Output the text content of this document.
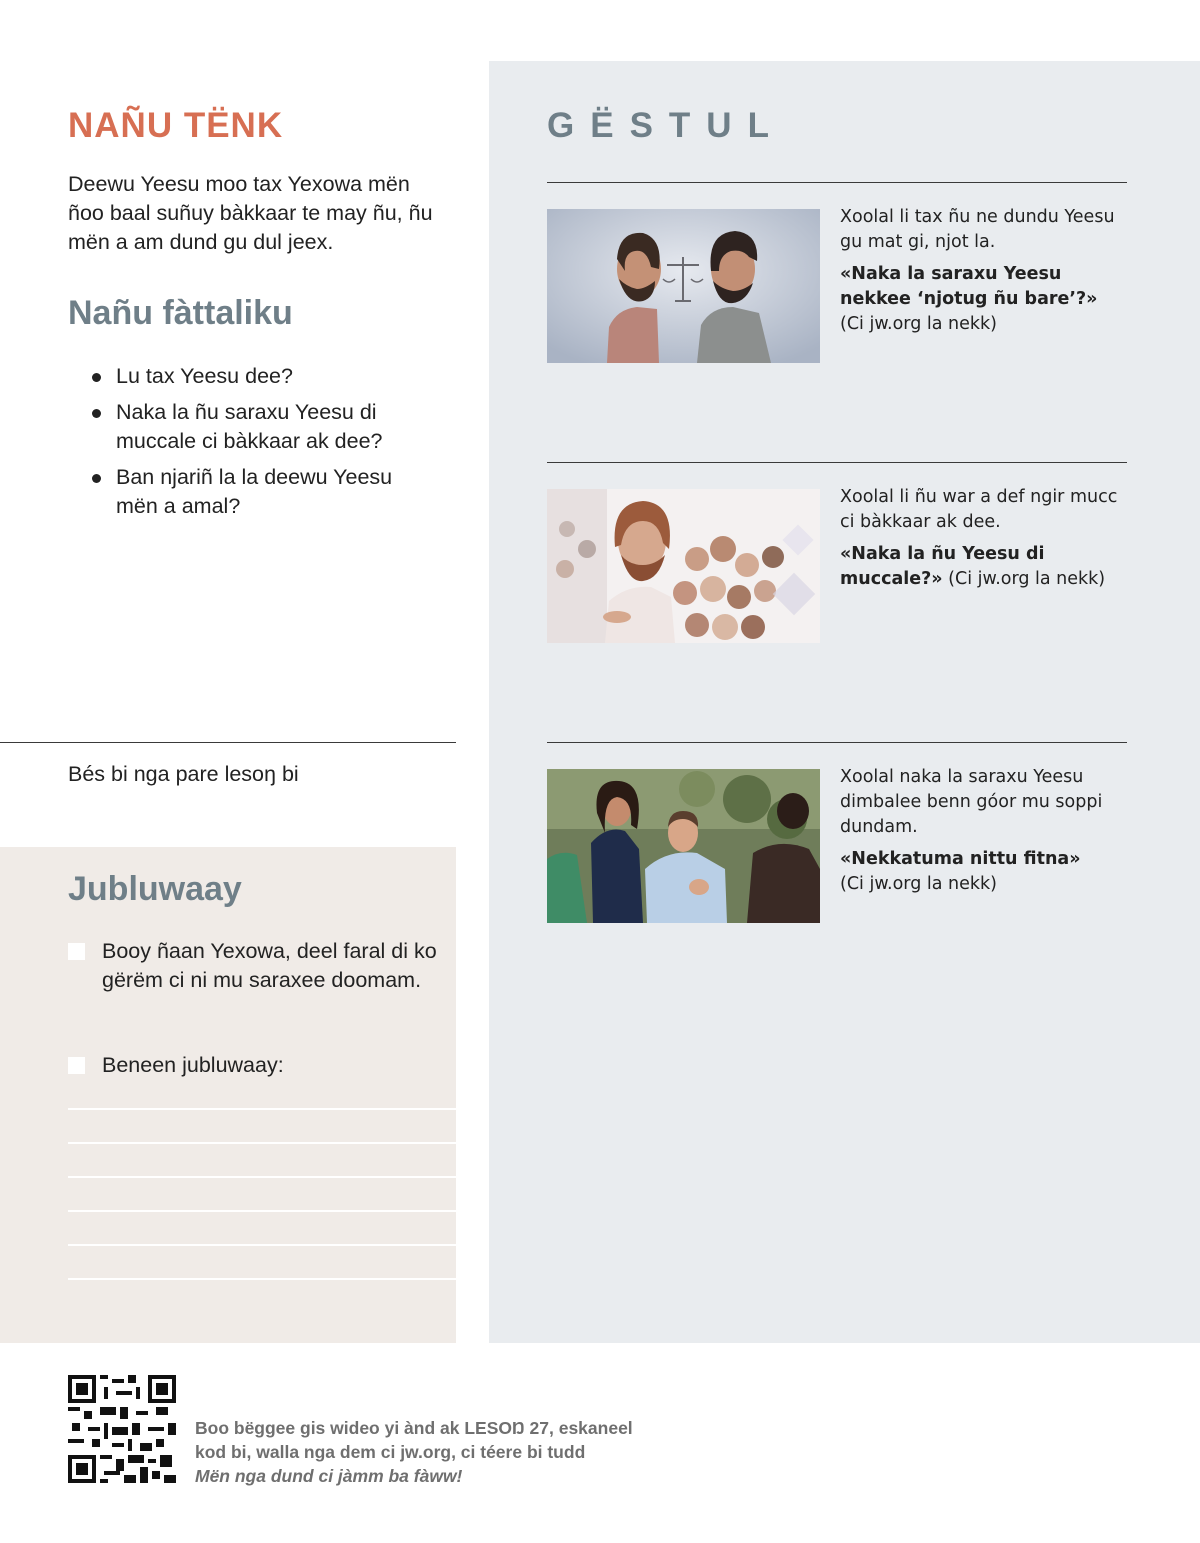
NAÑU TËNK

Deewu Yeesu moo tax Yexowa mën ñoo baal suñuy bàkkaar te may ñu, ñu mën a am dund gu dul jeex.

Nañu fàttaliku
Lu tax Yeesu dee?
Naka la ñu saraxu Yeesu di muccale ci bàkkaar ak dee?
Ban njariñ la la deewu Yeesu mën a amal?
Bés bi nga pare lesoŋ bi
Jubluwaay
Booy ñaan Yexowa, deel faral di ko gërëm ci ni mu saraxee doomam.
Beneen jubluwaay:
GËSTUL
Xoolal li tax ñu ne dundu Yeesu gu mat gi, njot la.
«Naka la saraxu Yeesu nekkee ‘njotug ñu bare’?»
(Ci jw.org la nekk)
Xoolal li ñu war a def ngir mucc ci bàkkaar ak dee.
«Naka la ñu Yeesu di muccale?» (Ci jw.org la nekk)
Xoolal naka la saraxu Yeesu dimbalee benn góor mu soppi dundam.
«Nekkatuma nittu fitna»
(Ci jw.org la nekk)
Boo bëggee gis wideo yi ànd ak LESOŊ 27, eskaneel
kod bi, walla nga dem ci jw.org, ci téere bi tudd
Mën nga dund ci jàmm ba fàww!
